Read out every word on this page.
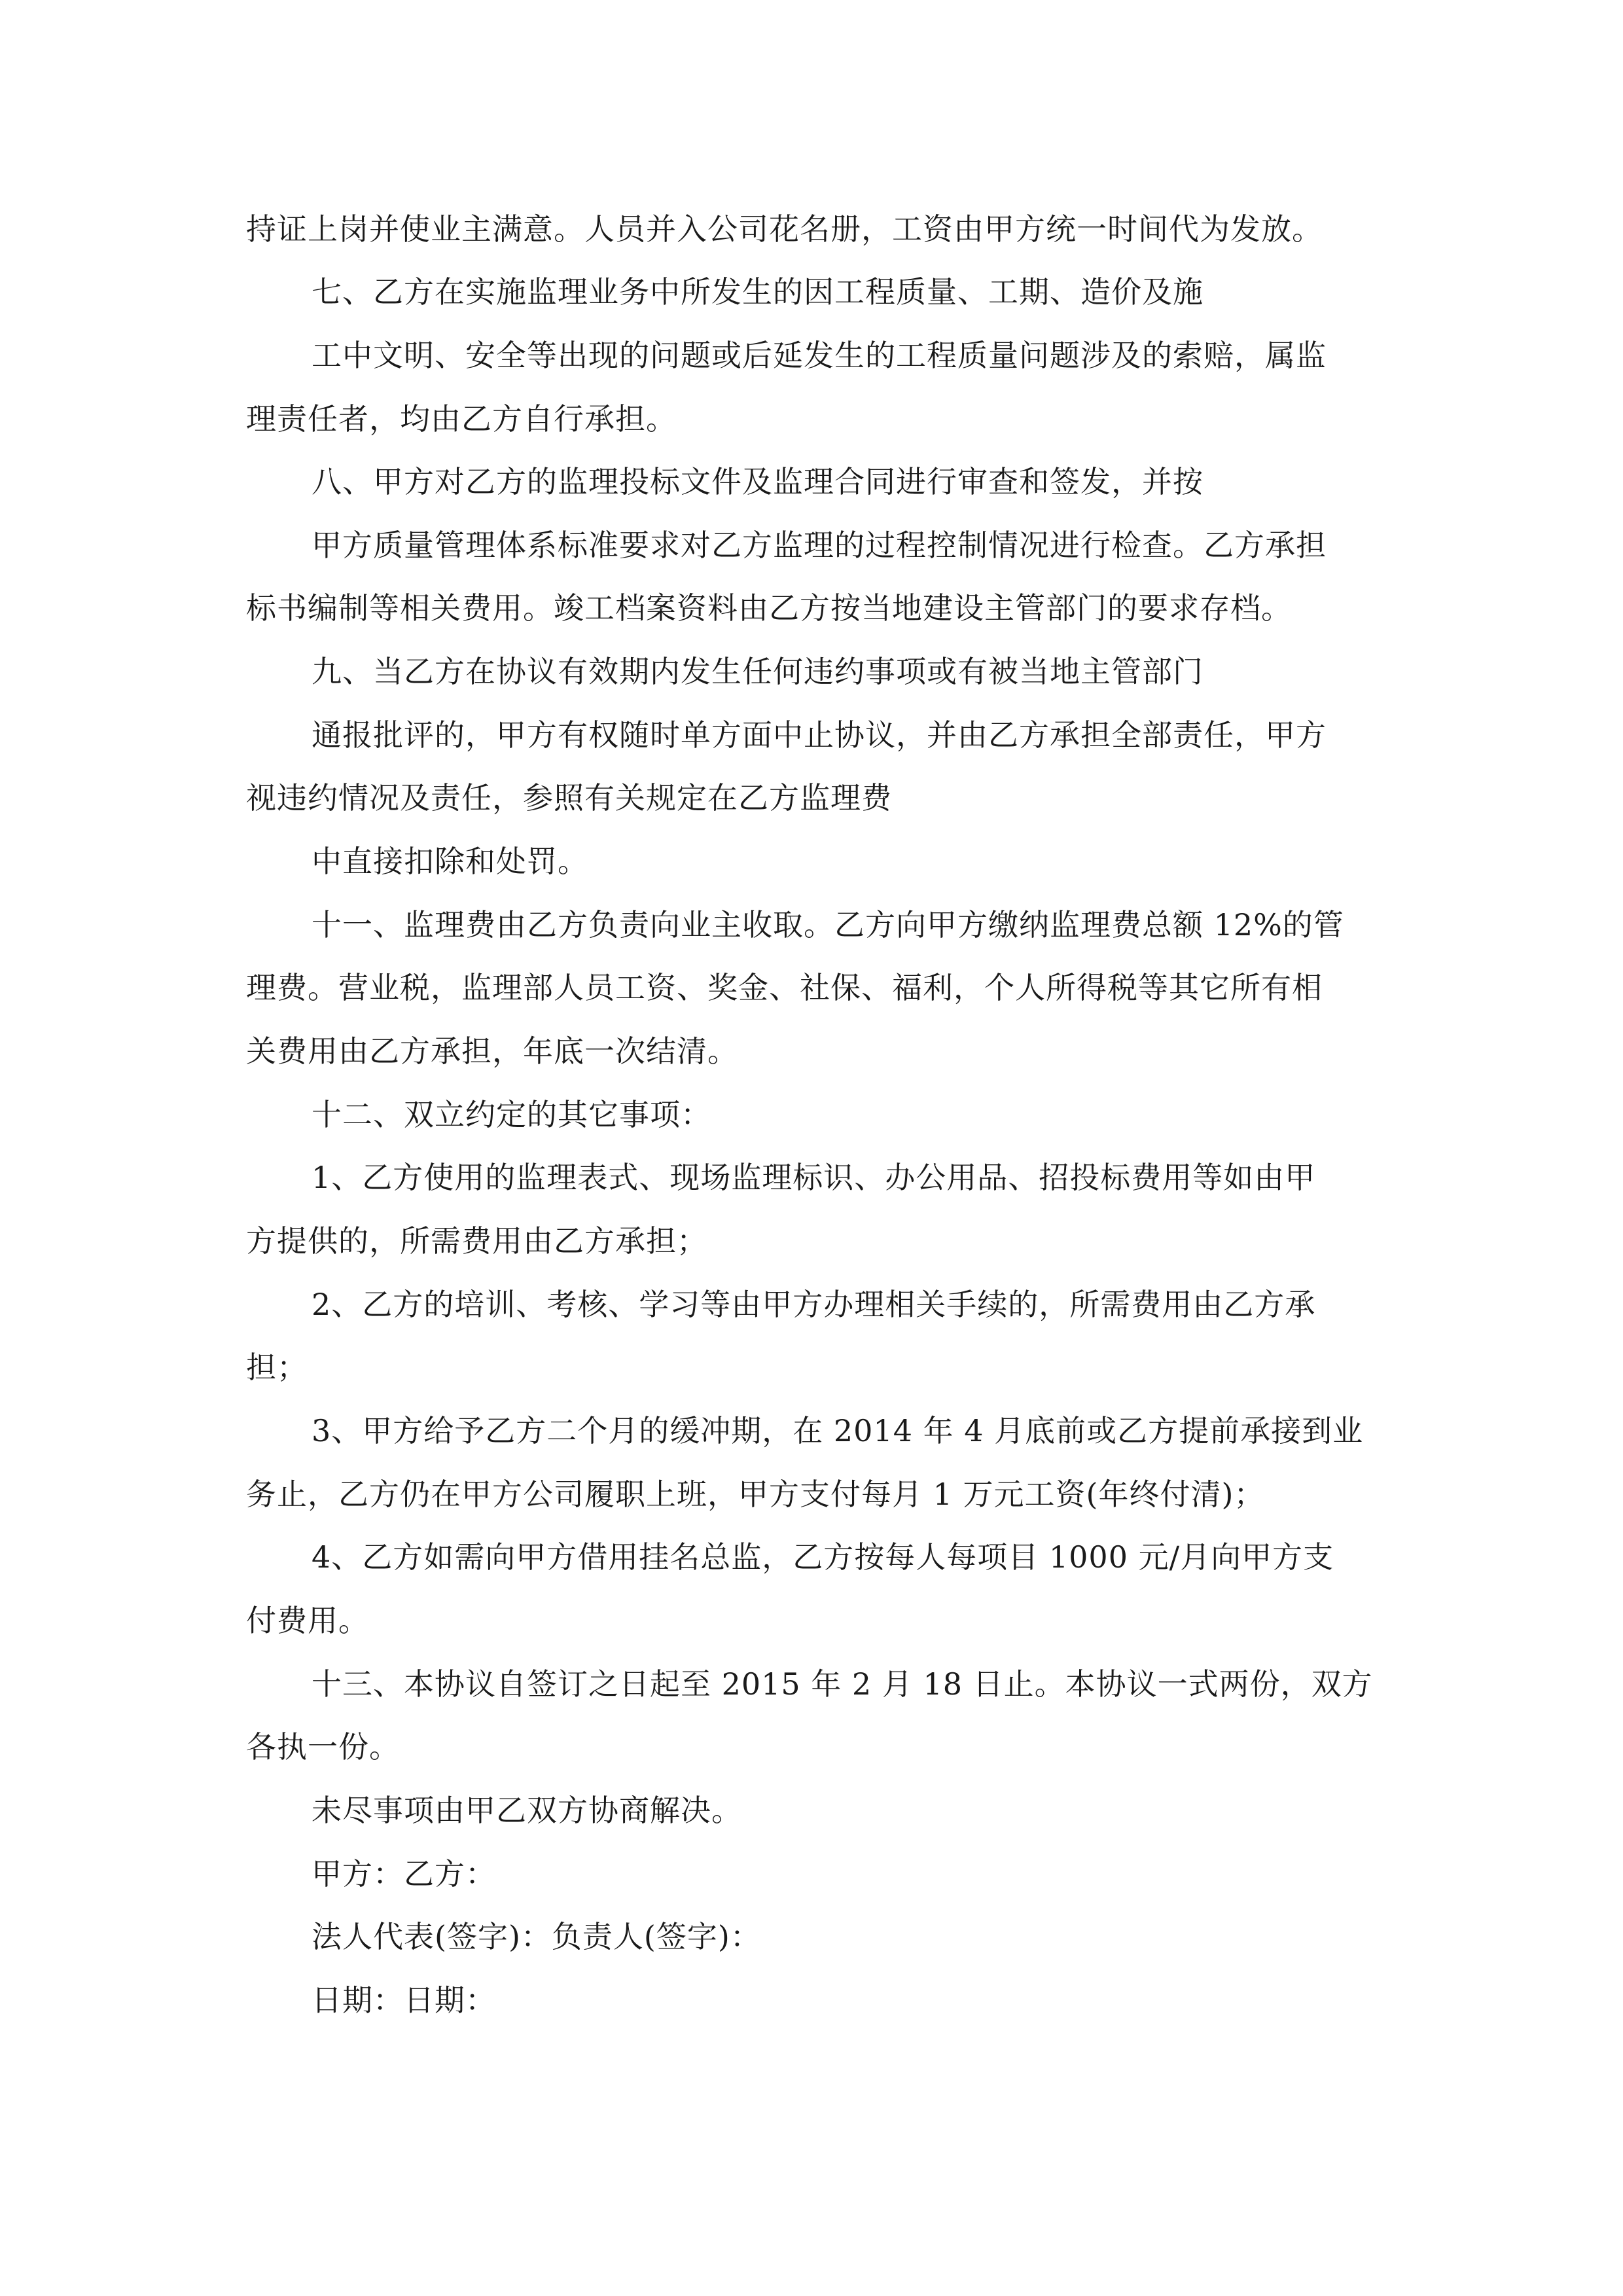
持证上岗并使业主满意。人员并入公司花名册，工资由甲方统一时间代为发放。
七、乙方在实施监理业务中所发生的因工程质量、工期、造价及施
工中文明、安全等出现的问题或后延发生的工程质量问题涉及的索赔，属监
理责任者，均由乙方自行承担。
八、甲方对乙方的监理投标文件及监理合同进行审查和签发，并按
甲方质量管理体系标准要求对乙方监理的过程控制情况进行检查。乙方承担
标书编制等相关费用。竣工档案资料由乙方按当地建设主管部门的要求存档。
九、当乙方在协议有效期内发生任何违约事项或有被当地主管部门
通报批评的，甲方有权随时单方面中止协议，并由乙方承担全部责任，甲方
视违约情况及责任，参照有关规定在乙方监理费
中直接扣除和处罚。
十一、监理费由乙方负责向业主收取。乙方向甲方缴纳监理费总额 12%的管
理费。营业税，监理部人员工资、奖金、社保、福利，个人所得税等其它所有相
关费用由乙方承担，年底一次结清。
十二、双立约定的其它事项：
1、乙方使用的监理表式、现场监理标识、办公用品、招投标费用等如由甲
方提供的，所需费用由乙方承担；
2、乙方的培训、考核、学习等由甲方办理相关手续的，所需费用由乙方承
担；
3、甲方给予乙方二个月的缓冲期，在 2014 年 4 月底前或乙方提前承接到业
务止，乙方仍在甲方公司履职上班，甲方支付每月 1 万元工资(年终付清)；
4、乙方如需向甲方借用挂名总监，乙方按每人每项目 1000 元/月向甲方支
付费用。
十三、本协议自签订之日起至 2015 年 2 月 18 日止。本协议一式两份，双方
各执一份。
未尽事项由甲乙双方协商解决。
甲方：乙方：
法人代表(签字)：负责人(签字)：
日期：日期：
